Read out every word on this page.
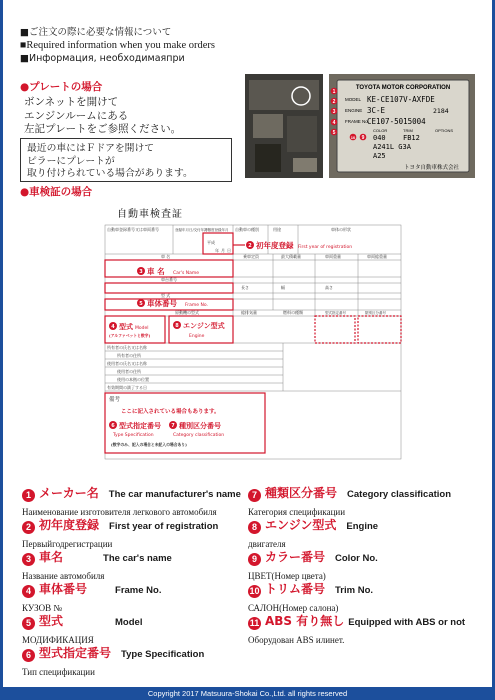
■ご注文の際に必要な情報について
■Required information when you make orders
■Информация, необходимаяпри
●プレートの場合
ボンネットを開けて
エンジンルームにある
左記プレートをご参照ください。
最近の車にはＦドアを開けて
ピラーにプレートが
取り付けられている場合があります。
TOYOTA MOTOR CORPORATION
MODEL KE-CE107V-AXFDE
ENGINE 3C-E	2184
FRAME No.
CE107-5015004
COLOR	TRIM	OPTIONS
040 FB12
A241L G3A
A25
トヨタ自動車株式会社
1
2
3
4
5
10 9
●車検証の場合
自動車検査証
自動車登録番号又は車両番号	登録年月日/交付年月日
初年度登録年月 自動車の種別	用途	車体の形状
平成
年 月 日
車 名	乗車定員	最大積載量	車両重量	車両総重量
車台番号
長さ	幅	高さ
型 式
原動機の型式	総排気量	燃料の種類	型式指定番号	類別区分番号
所有者の氏名又は名称
所有者の住所
使用者の氏名又は名称
使用者の住所
使用の本拠の位置
有効期間の満了する日
備考
2 初年度登録 First year of registration
3 車 名 Car's Name
5 車体番号 Frame No.
4 型式 Model
(アルファベットと数字)
8 エンジン型式
Engine
ここに記入されている場合もあります。
6 型式指定番号 7 種別区分番号
Type Specification	Category classification
(数字のみ、記入の場合と未記入の場合あり)
1 メーカー名 The car manufacturer's name
Наименование изготовителя легкового автомобиля
2 初年度登録 First year of registration
Первыйгодрегистрации
3 車名	The car's name
Название автомобиля
4 車体番号	Frame No.
КУЗОВ №
5 型式	Model
МОДИФИКАЦИЯ
6 型式指定番号 Type Specification
Тип спецификации
7 種類区分番号 Category classification
Категория спецификации
8 エンジン型式 Engine
двигателя
9 カラー番号 Color No.
ЦВЕТ(Номер цвета)
10 トリム番号 Trim No.
САЛОН(Номер салона)
11 ABS 有り無し Equipped with ABS or not
Оборудован ABS илинет.
Copyright 2017 Matsuura-Shokai Co.,Ltd. all rights reserved
